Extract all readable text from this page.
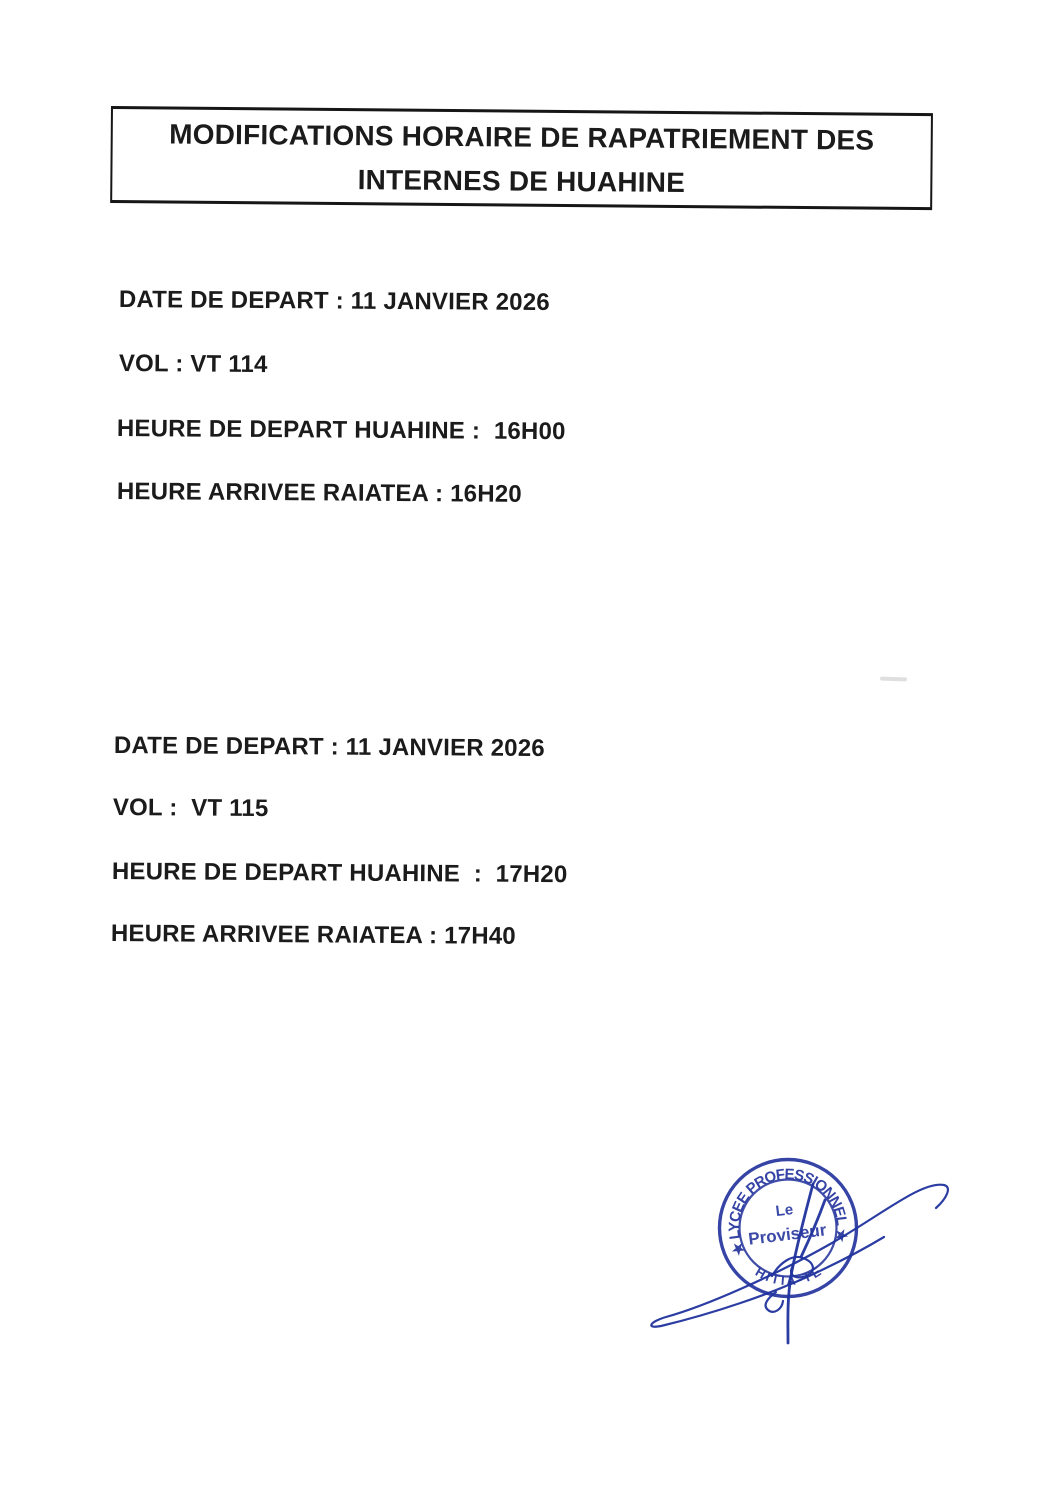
MODIFICATIONS HORAIRE DE RAPATRIEMENT DES
INTERNES DE HUAHINE
DATE DE DEPART : 11 JANVIER 2026
VOL : VT 114
HEURE DE DEPART HUAHINE :  16H00
HEURE ARRIVEE RAIATEA : 16H20
DATE DE DEPART : 11 JANVIER 2026
VOL :  VT 115
HEURE DE DEPART HUAHINE  :  17H20
HEURE ARRIVEE RAIATEA : 17H40
★ LYCEE PROFESSIONNEL ★
HITIA-TE
Le
Proviseur
